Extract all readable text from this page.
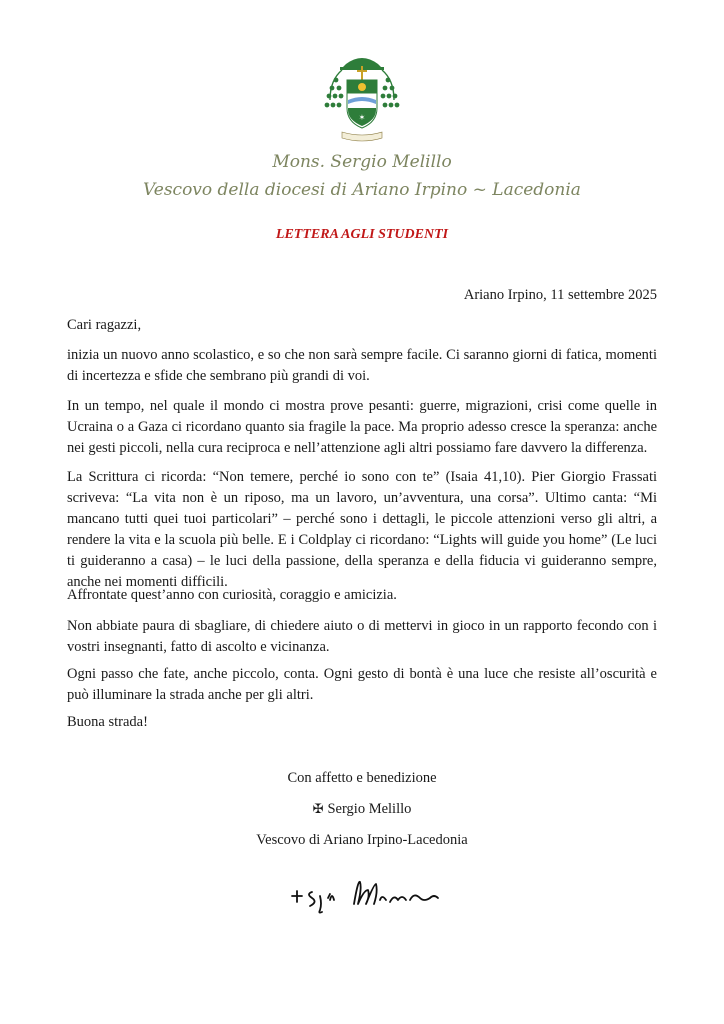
✶
Mons. Sergio Melillo
Vescovo della diocesi di Ariano Irpino ~ Lacedonia
LETTERA AGLI STUDENTI
Ariano Irpino, 11 settembre 2025
Cari ragazzi,
inizia un nuovo anno scolastico, e so che non sarà sempre facile. Ci saranno giorni di fatica, momenti di incertezza e sfide che sembrano più grandi di voi.
In un tempo, nel quale il mondo ci mostra prove pesanti: guerre, migrazioni, crisi come quelle in Ucraina o a Gaza ci ricordano quanto sia fragile la pace. Ma proprio adesso cresce la speranza: anche nei gesti piccoli, nella cura reciproca e nell’attenzione agli altri possiamo fare davvero la differenza.
La Scrittura ci ricorda: “Non temere, perché io sono con te” (Isaia 41,10). Pier Giorgio Frassati scriveva: “La vita non è un riposo, ma un lavoro, un’avventura, una corsa”. Ultimo canta: “Mi mancano tutti quei tuoi particolari” – perché sono i dettagli, le piccole attenzioni verso gli altri, a rendere la vita e la scuola più belle. E i Coldplay ci ricordano: “Lights will guide you home” (Le luci ti guideranno a casa) – le luci della passione, della speranza e della fiducia vi guideranno sempre, anche nei momenti difficili.
Affrontate quest’anno con curiosità, coraggio e amicizia.
Non abbiate paura di sbagliare, di chiedere aiuto o di mettervi in gioco in un rapporto fecondo con i vostri insegnanti, fatto di ascolto e vicinanza.
Ogni passo che fate, anche piccolo, conta. Ogni gesto di bontà è una luce che resiste all’oscurità e può illuminare la strada anche per gli altri.
Buona strada!
Con affetto e benedizione
✠ Sergio Melillo
Vescovo di Ariano Irpino-Lacedonia
